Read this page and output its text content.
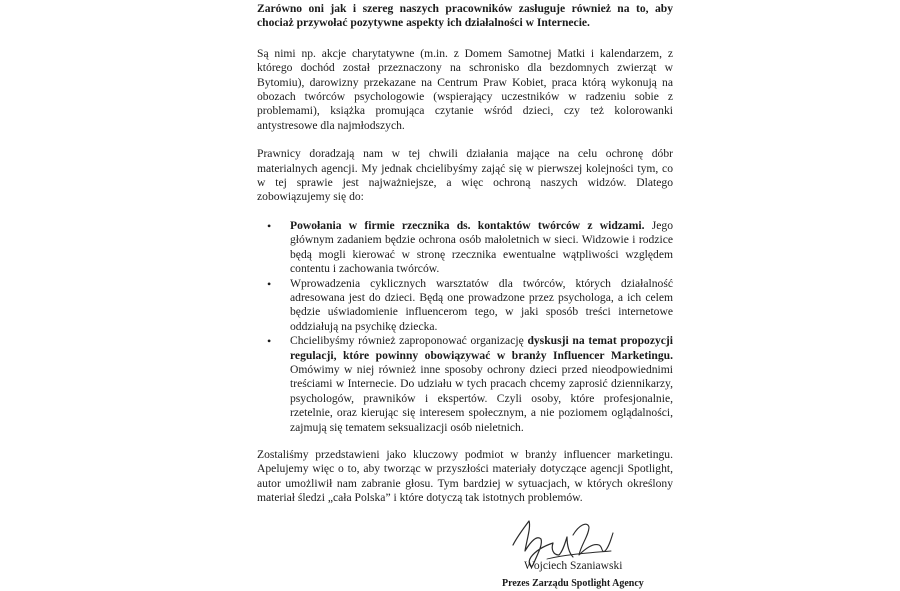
Zarówno oni jak i szereg naszych pracowników zasługuje również na to, aby chociaż przywołać pozytywne aspekty ich działalności w Internecie.

Są nimi np. akcje charytatywne (m.in. z Domem Samotnej Matki i kalendarzem, z którego dochód został przeznaczony na schronisko dla bezdomnych zwierząt w Bytomiu), darowizny przekazane na Centrum Praw Kobiet, praca którą wykonują na obozach twórców psychologowie (wspierający uczestników w radzeniu sobie z problemami), książka promująca czytanie wśród dzieci, czy też kolorowanki antystresowe dla najmłodszych.

Prawnicy doradzają nam w tej chwili działania mające na celu ochronę dóbr materialnych agencji. My jednak chcielibyśmy zająć się w pierwszej kolejności tym, co w tej sprawie jest najważniejsze, a więc ochroną naszych widzów. Dlatego zobowiązujemy się do:

• Powołania w firmie rzecznika ds. kontaktów twórców z widzami. Jego głównym zadaniem będzie ochrona osób małoletnich w sieci. Widzowie i rodzice będą mogli kierować w stronę rzecznika ewentualne wątpliwości względem contentu i zachowania twórców.
• Wprowadzenia cyklicznych warsztatów dla twórców, których działalność adresowana jest do dzieci. Będą one prowadzone przez psychologa, a ich celem będzie uświadomienie influencerom tego, w jaki sposób treści internetowe oddziałują na psychikę dziecka.
• Chcielibyśmy również zaproponować organizację dyskusji na temat propozycji regulacji, które powinny obowiązywać w branży Influencer Marketingu. Omówimy w niej również inne sposoby ochrony dzieci przed nieodpowiednimi treściami w Internecie. Do udziału w tych pracach chcemy zaprosić dziennikarzy, psychologów, prawników i ekspertów. Czyli osoby, które profesjonalnie, rzetelnie, oraz kierując się interesem społecznym, a nie poziomem oglądalności, zajmują się tematem seksualizacji osób nieletnich.

Zostaliśmy przedstawieni jako kluczowy podmiot w branży influencer marketingu. Apelujemy więc o to, aby tworząc w przyszłości materiały dotyczące agencji Spotlight, autor umożliwił nam zabranie głosu. Tym bardziej w sytuacjach, w których określony materiał śledzi „cała Polska” i które dotyczą tak istotnych problemów.

Wojciech Szaniawski
Prezes Zarządu Spotlight Agency
